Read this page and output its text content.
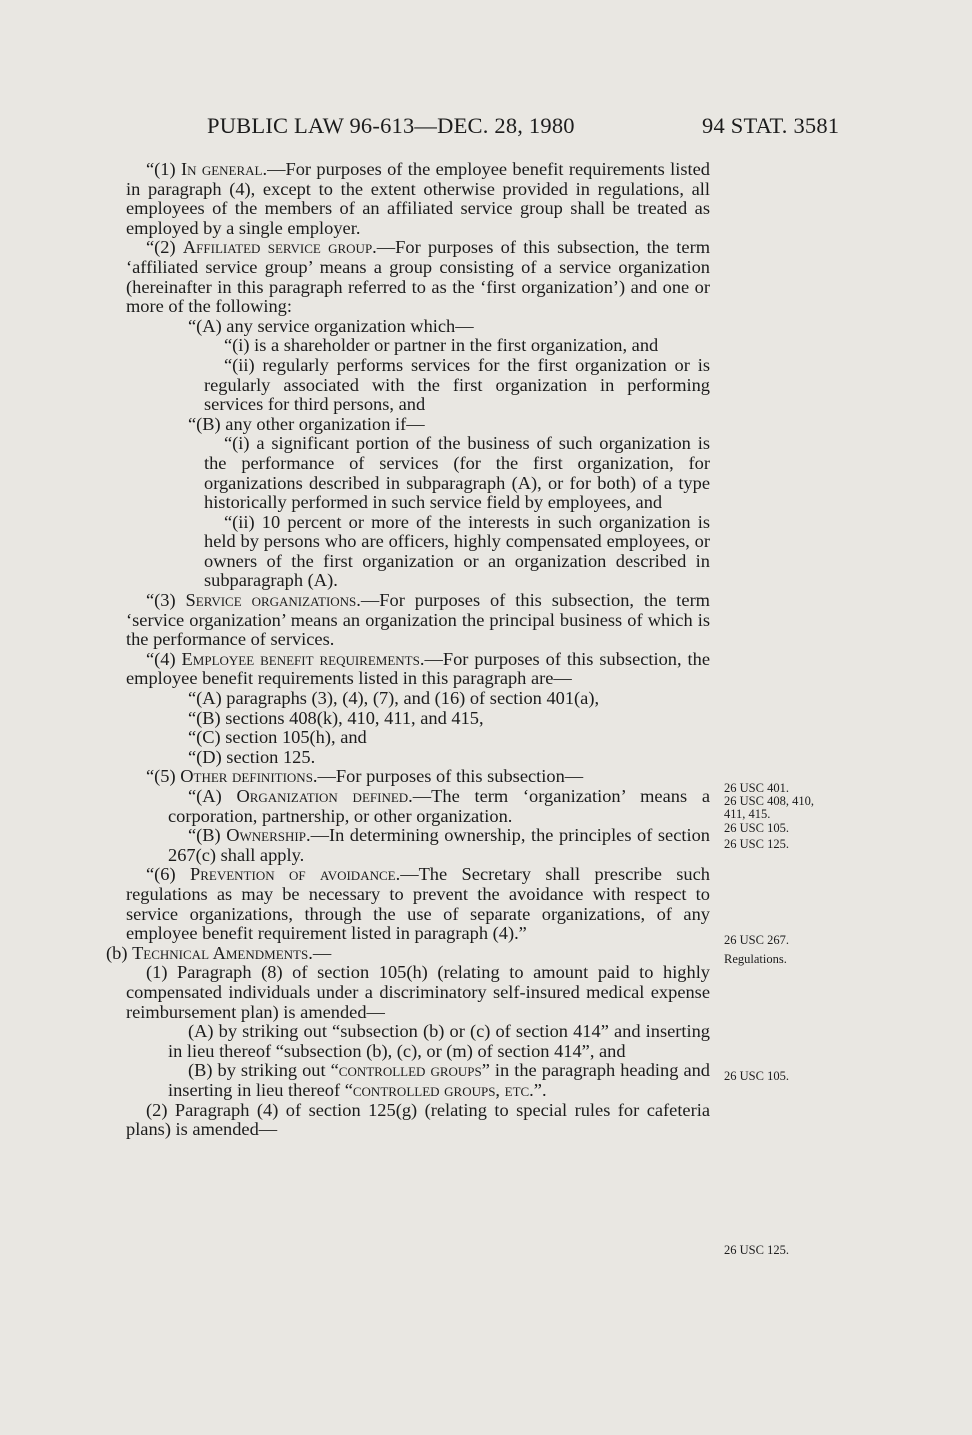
PUBLIC LAW 96-613—DEC. 28, 1980	94 STAT. 3581

“(1) In general.—For purposes of the employee benefit requirements listed in paragraph (4), except to the extent otherwise provided in regulations, all employees of the members of an affiliated service group shall be treated as employed by a single employer.

“(2) Affiliated service group.—For purposes of this subsection, the term ‘affiliated service group’ means a group consisting of a service organization (hereinafter in this paragraph referred to as the ‘first organization’) and one or more of the following:

“(A) any service organization which—

“(i) is a shareholder or partner in the first organization, and

“(ii) regularly performs services for the first organization or is regularly associated with the first organization in performing services for third persons, and

“(B) any other organization if—

“(i) a significant portion of the business of such organization is the performance of services (for the first organization, for organizations described in subparagraph (A), or for both) of a type historically performed in such service field by employees, and

“(ii) 10 percent or more of the interests in such organization is held by persons who are officers, highly compensated employees, or owners of the first organization or an organization described in subparagraph (A).

“(3) Service organizations.—For purposes of this subsection, the term ‘service organization’ means an organization the principal business of which is the performance of services.

“(4) Employee benefit requirements.—For purposes of this subsection, the employee benefit requirements listed in this paragraph are—

“(A) paragraphs (3), (4), (7), and (16) of section 401(a),

“(B) sections 408(k), 410, 411, and 415,

“(C) section 105(h), and

“(D) section 125.

“(5) Other definitions.—For purposes of this subsection—

“(A) Organization defined.—The term ‘organization’ means a corporation, partnership, or other organization.

“(B) Ownership.—In determining ownership, the principles of section 267(c) shall apply.

“(6) Prevention of avoidance.—The Secretary shall prescribe such regulations as may be necessary to prevent the avoidance with respect to service organizations, through the use of separate organizations, of any employee benefit requirement listed in paragraph (4).”

(b) Technical Amendments.—

(1) Paragraph (8) of section 105(h) (relating to amount paid to highly compensated individuals under a discriminatory self-insured medical expense reimbursement plan) is amended—

(A) by striking out “subsection (b) or (c) of section 414” and inserting in lieu thereof “subsection (b), (c), or (m) of section 414”, and

(B) by striking out “controlled groups” in the paragraph heading and inserting in lieu thereof “controlled groups, etc.”.

(2) Paragraph (4) of section 125(g) (relating to special rules for cafeteria plans) is amended—

26 USC 401.
26 USC 408, 410,
411, 415.
26 USC 105.
26 USC 125.
26 USC 267.
Regulations.
26 USC 105.
26 USC 125.
